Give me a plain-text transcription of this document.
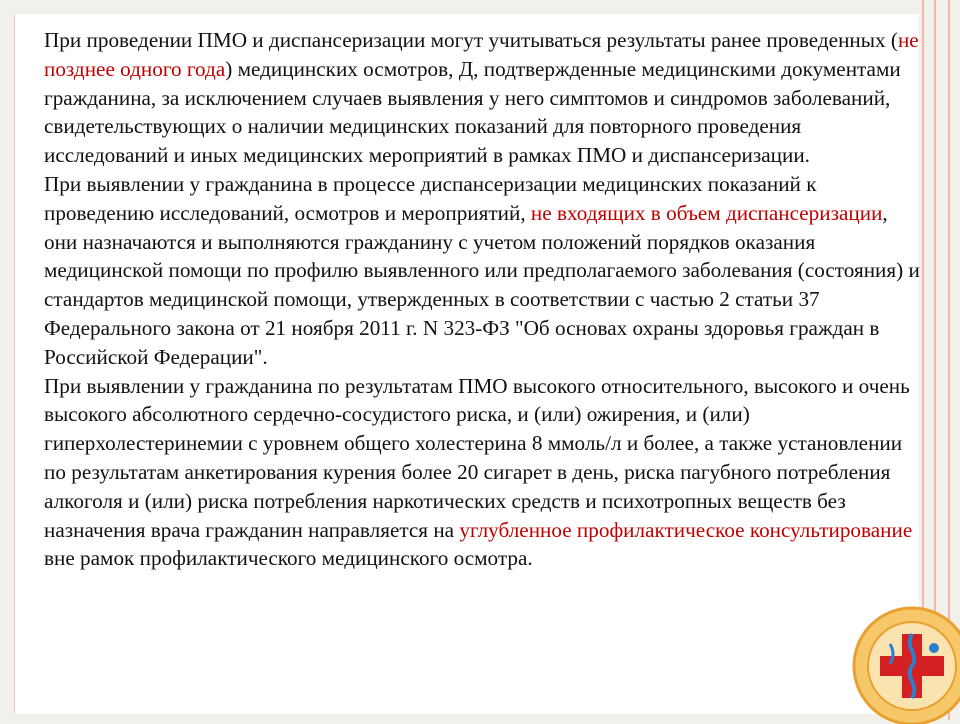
При проведении ПМО и диспансеризации могут учитываться результаты ранее проведенных (не позднее одного года) медицинских осмотров, Д, подтвержденные медицинскими документами гражданина, за исключением случаев выявления у него симптомов и синдромов заболеваний, свидетельствующих о наличии медицинских показаний для повторного проведения исследований и иных медицинских мероприятий в рамках ПМО и диспансеризации.

При выявлении у гражданина в процессе диспансеризации медицинских показаний к проведению исследований, осмотров и мероприятий, не входящих в объем диспансеризации, они назначаются и выполняются гражданину с учетом положений порядков оказания медицинской помощи по профилю выявленного или предполагаемого заболевания (состояния) и стандартов медицинской помощи, утвержденных в соответствии с частью 2 статьи 37 Федерального закона от 21 ноября 2011 г. N 323-ФЗ "Об основах охраны здоровья граждан в Российской Федерации".

При выявлении у гражданина по результатам ПМО высокого относительного, высокого и очень высокого абсолютного сердечно-сосудистого риска, и (или) ожирения, и (или) гиперхолестеринемии с уровнем общего холестерина 8 ммоль/л и более, а также установлении по результатам анкетирования курения более 20 сигарет в день, риска пагубного потребления алкоголя и (или) риска потребления наркотических средств и психотропных веществ без назначения врача гражданин направляется на углубленное профилактическое консультирование вне рамок профилактического медицинского осмотра.
